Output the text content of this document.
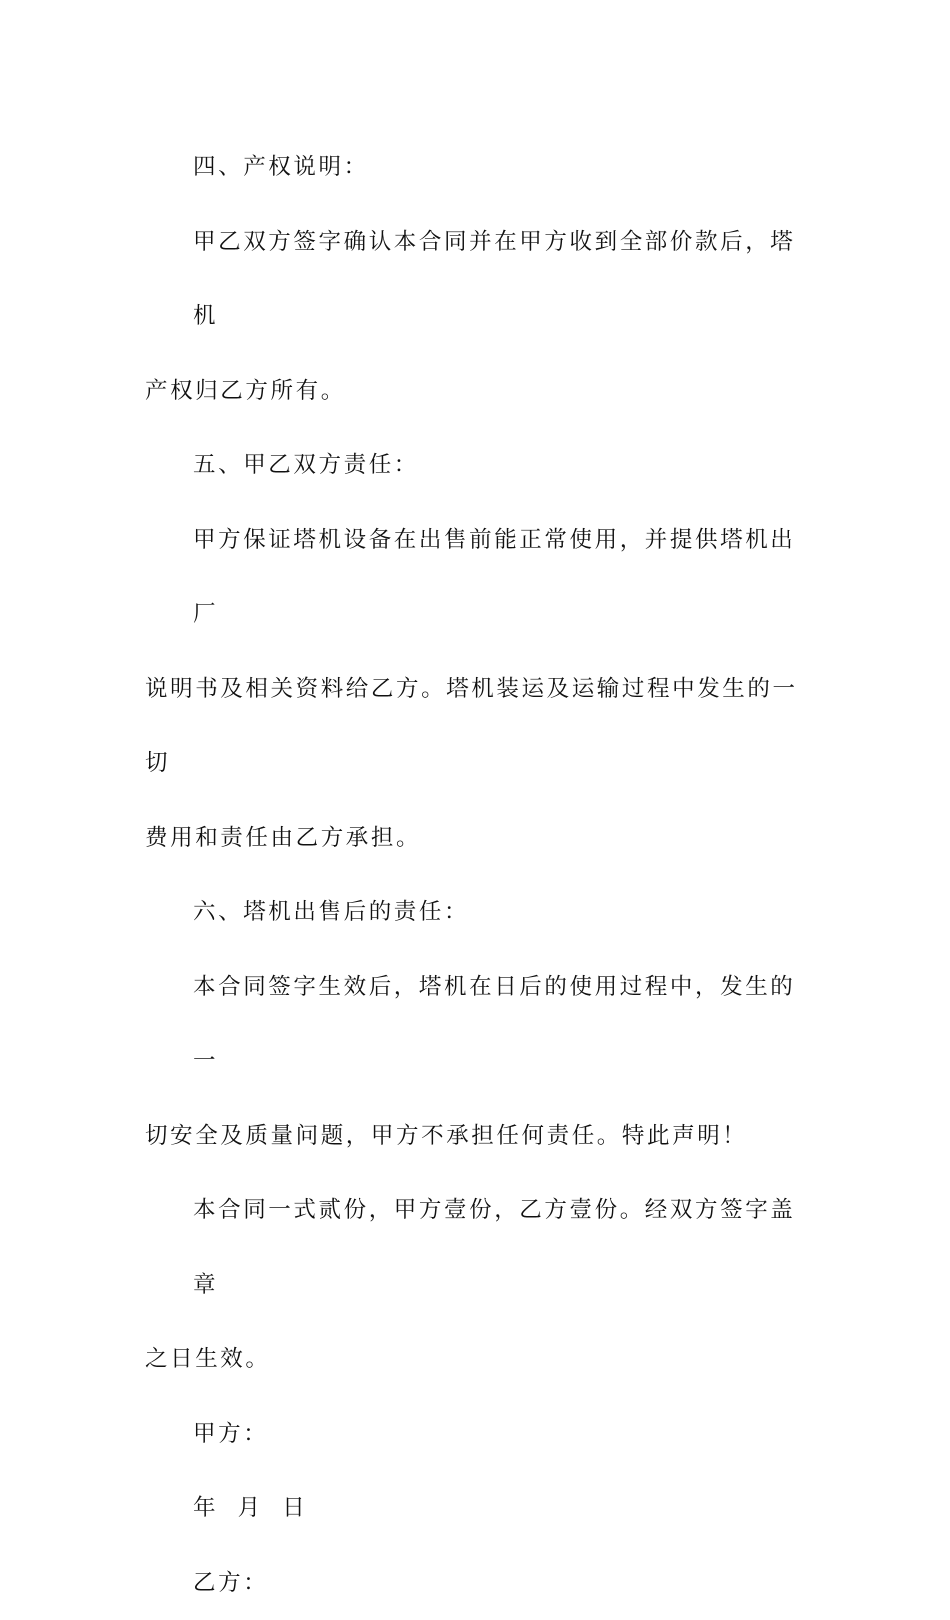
四、产权说明：
甲乙双方签字确认本合同并在甲方收到全部价款后，塔机
产权归乙方所有。
五、甲乙双方责任：
甲方保证塔机设备在出售前能正常使用，并提供塔机出厂
说明书及相关资料给乙方。塔机装运及运输过程中发生的一切
费用和责任由乙方承担。
六、塔机出售后的责任：
本合同签字生效后，塔机在日后的使用过程中，发生的一
切安全及质量问题，甲方不承担任何责任。特此声明！
本合同一式贰份，甲方壹份，乙方壹份。经双方签字盖章
之日生效。
甲方：
年  月  日
乙方：
